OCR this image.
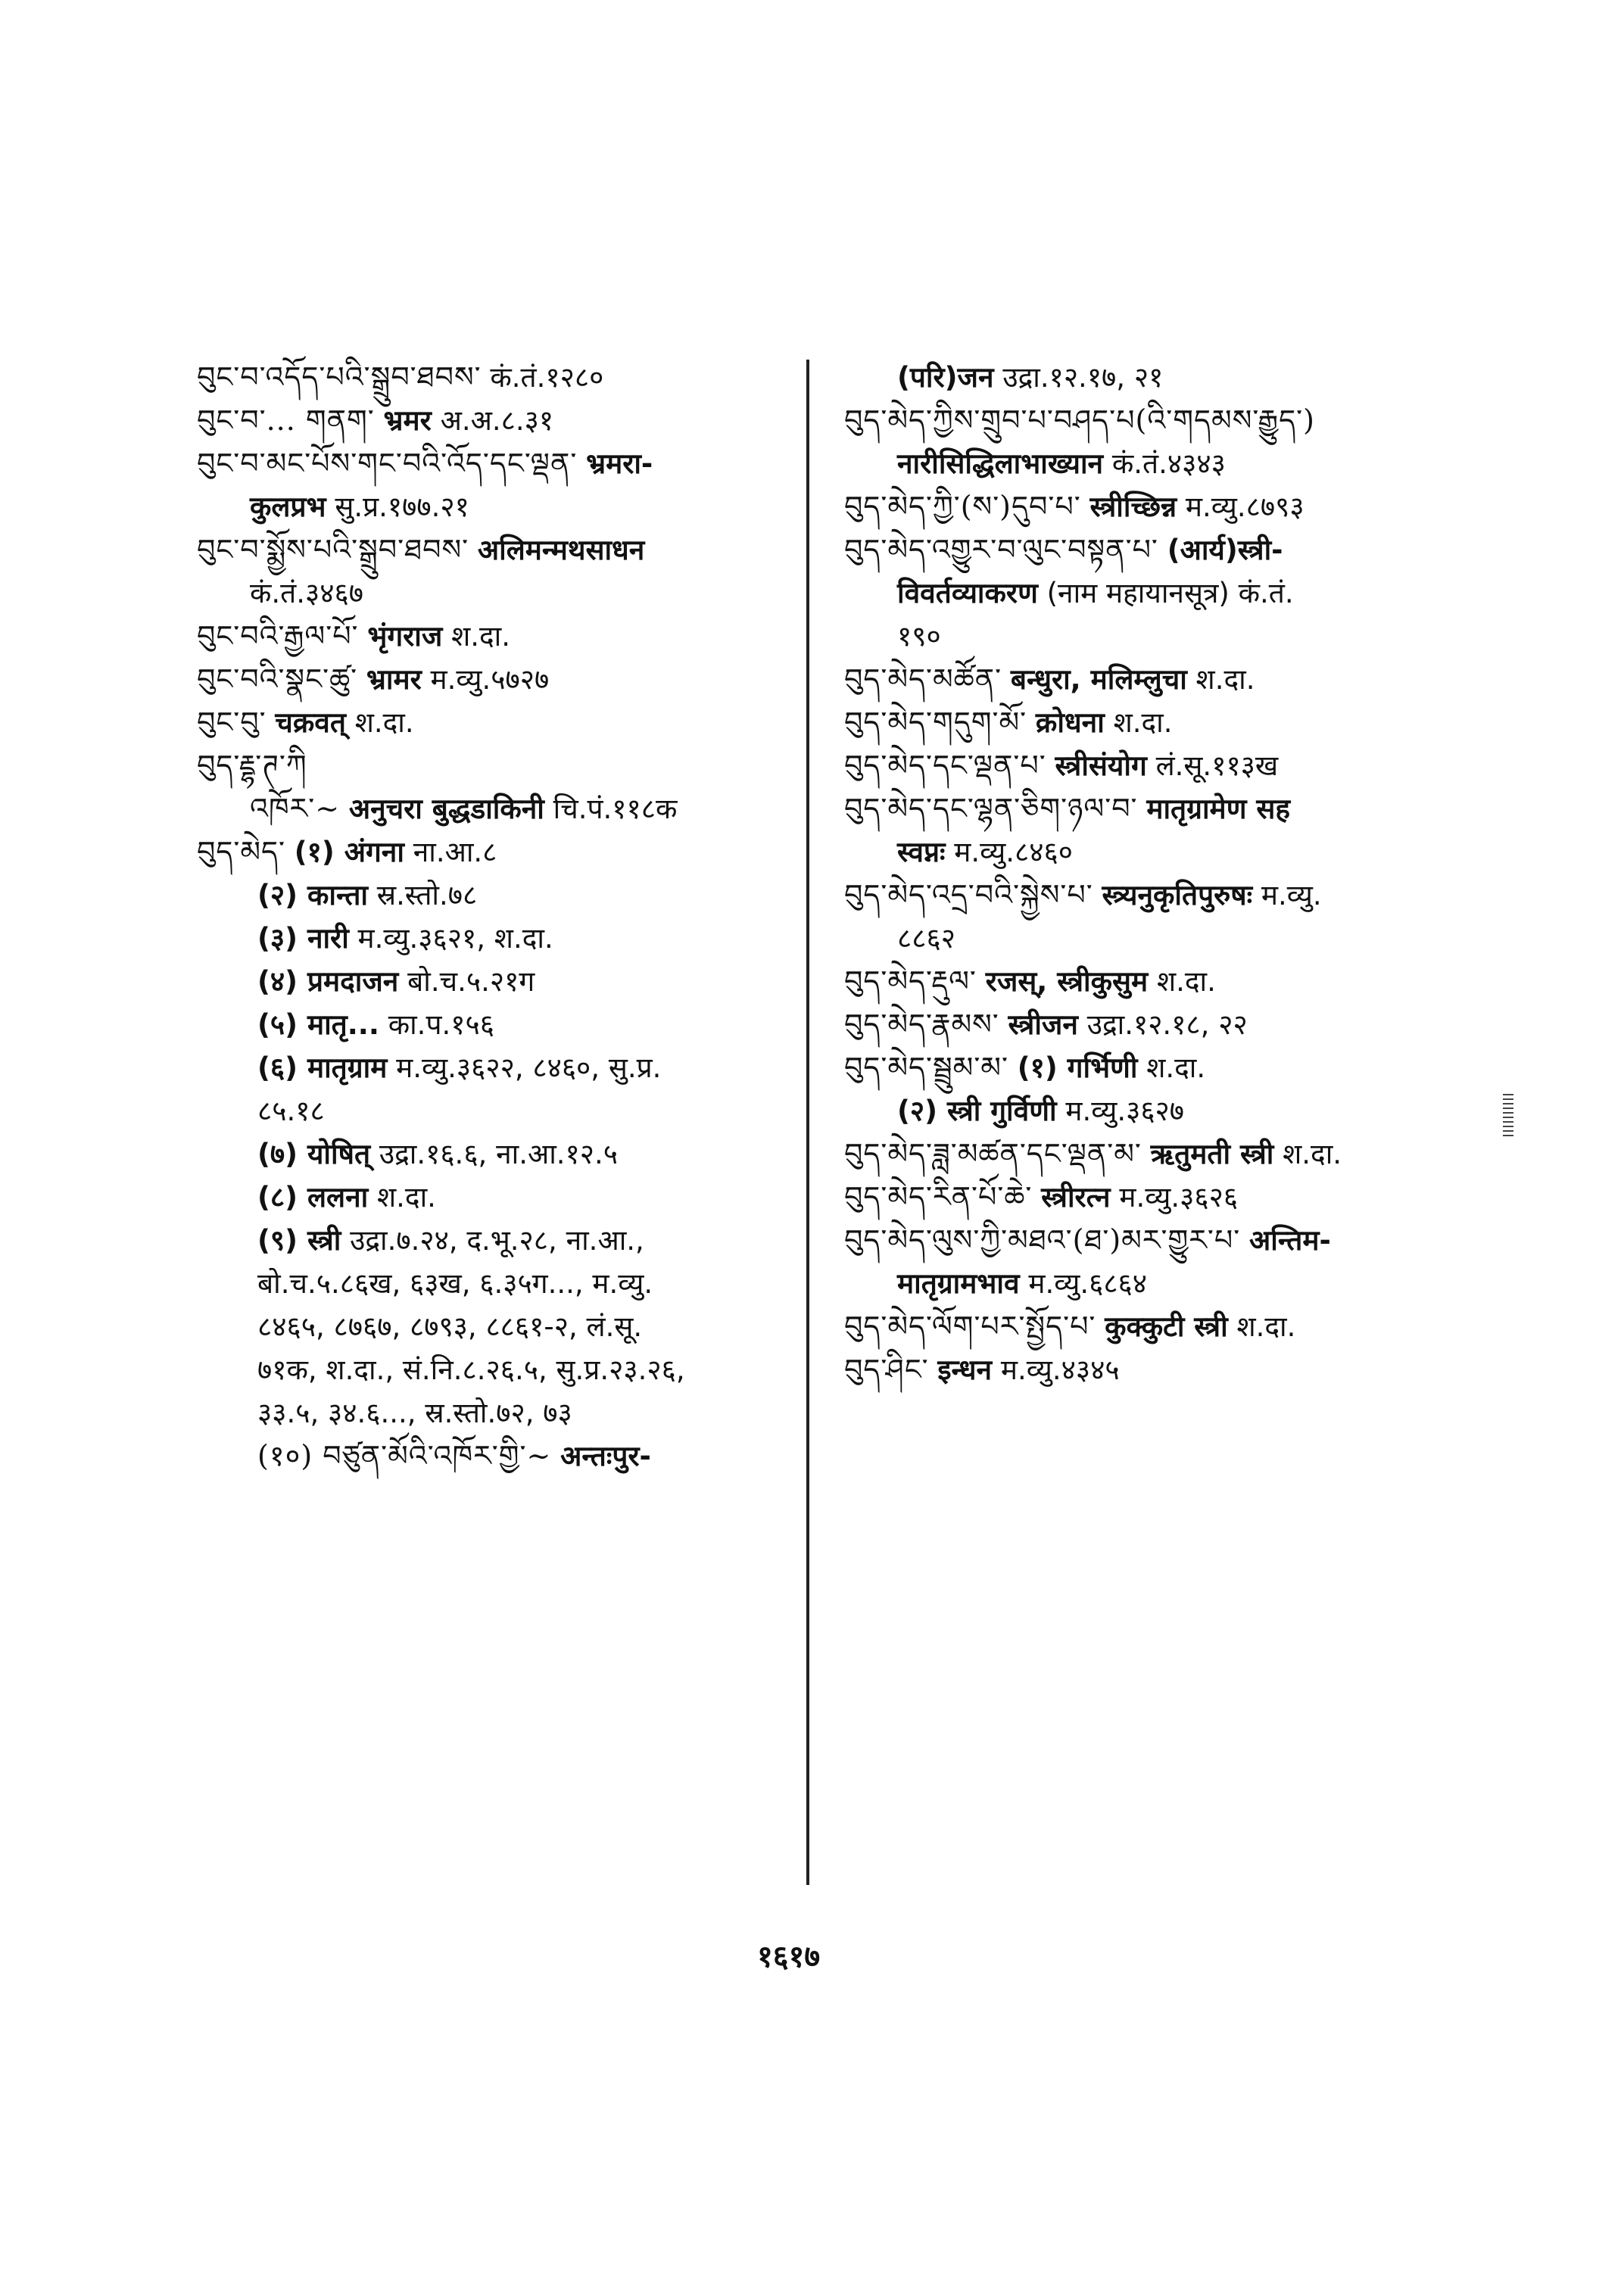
བུང་བ་འདོད་པའི་སྒྲུབ་ཐབས་ कं.तं.१२८०
བུང་བ་... གནག་ भ्रमर अ.अ.८.३१
བུང་བ་མང་པོས་གང་བའི་འོད་དང་ལྡན་ भ्रमरा-
कुलप्रभ सु.प्र.१७७.२१
བུང་བ་སྨྱོས་པའི་སྒྲུབ་ཐབས་ अलिमन्मथसाधन
कं.तं.३४६७
བུང་བའི་རྒྱལ་པོ་ भृंगराज श.दा.
བུང་བའི་སྣང་ཚུ་ भ्रामर म.व्यु.५७२७
བུང་བུ་ चक्रवत् श.दा.
བུད་རྡྷ་ཊ་ཀི
འཁོར་~ अनुचरा बुद्धडाकिनी चि.पं.११८क
བུད་མེད་ (१) अंगना ना.आ.८
(२) कान्ता स्र.स्तो.७८
(३) नारी म.व्यु.३६२१, श.दा.
(४) प्रमदाजन बो.च.५.२१ग
(५) मातृ... का.प.१५६
(६) मातृग्राम म.व्यु.३६२२, ८४६०, सु.प्र.
८५.१८
(७) योषित् उद्रा.१६.६, ना.आ.१२.५
(८) ललना श.दा.
(९) स्त्री उद्रा.७.२४, द.भू.२८, ना.आ.,
बो.च.५.८६ख, ६३ख, ६.३५ग..., म.व्यु.
८४६५, ८७६७, ८७९३, ८८६१-२, लं.सू.
७१क, श.दा., सं.नि.८.२६.५, सु.प्र.२३.२६,
३३.५, ३४.६..., स्र.स्तो.७२, ७३
(१०) བཙུན་མོའི་འཁོར་གྱི་~ अन्तःपुर-
(परि)जन उद्रा.१२.१७, २१
བུད་མེད་ཀྱིས་གྲུབ་པ་བཤད་པ(འི་གདམས་རྒྱུད་)
नारीसिद्धिलाभाख्यान कं.तं.४३४३
བུད་མེད་ཀྱི་(ས་)དུབ་པ་ स्त्रीच्छिन्न म.व्यु.८७९३
བུད་མེད་འགྱུར་བ་ལུང་བསྟན་པ་ (आर्य)स्त्री-
विवर्तव्याकरण (नाम महायानसूत्र) कं.तं.
१९०
བུད་མེད་མཚོན་ बन्धुरा, मलिम्लुचा श.दा.
བུད་མེད་གདུག་མོ་ क्रोधना श.दा.
བུད་མེད་དང་ལྡན་པ་ स्त्रीसंयोग लं.सू.११३ख
བུད་མེད་དང་ལྷན་ཅིག་ཉལ་བ་ मातृग्रामेण सह
स्वप्नः म.व्यु.८४६०
བུད་མེད་འདྲ་བའི་སྐྱེས་པ་ स्त्र्यनुकृतिपुरुषः म.व्यु.
८८६२
བུད་མེད་རྡུལ་ रजस्, स्त्रीकुसुम श.दा.
བུད་མེད་རྣམས་ स्त्रीजन उद्रा.१२.१८, २२
བུད་མེད་སྦྲུམ་མ་ (१) गर्भिणी श.दा.
(२) स्त्री गुर्विणी म.व्यु.३६२७
བུད་མེད་ཟླ་མཚན་དང་ལྡན་མ་ ऋतुमती स्त्री श.दा.
བུད་མེད་རིན་པོ་ཆེ་ स्त्रीरत्न म.व्यु.३६२६
བུད་མེད་ལུས་ཀྱི་མཐའ་(ཐ་)མར་གྱུར་པ་ अन्तिम-
मातृग्रामभाव म.व्यु.६८६४
བུད་མེད་ལོག་པར་སྤྱོད་པ་ कुक्कुटी स्त्री श.दा.
བུད་ཤིང་ इन्धन म.व्यु.४३४५
१६१७
